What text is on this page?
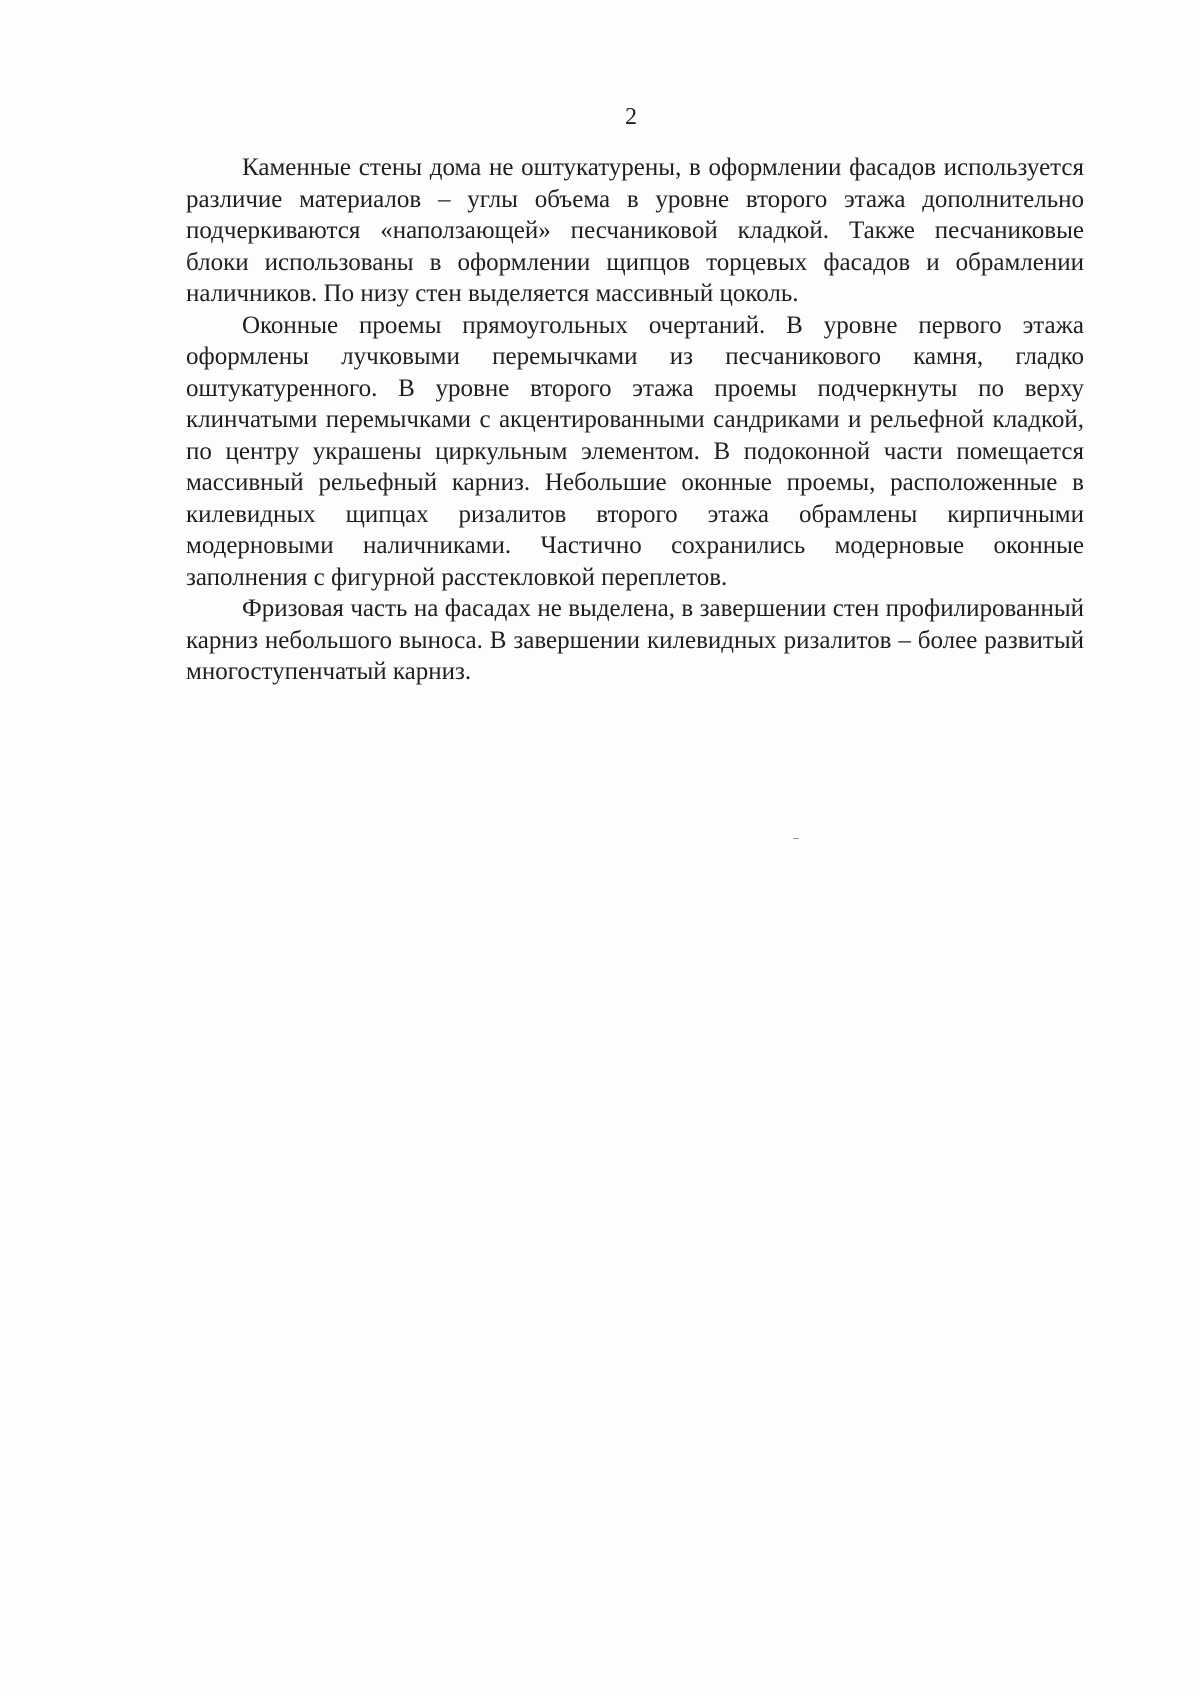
2

Каменные стены дома не оштукатурены, в оформлении фасадов используется различие материалов – углы объема в уровне второго этажа дополнительно подчеркиваются «наползающей» песчаниковой кладкой. Также песчаниковые блоки использованы в оформлении щипцов торцевых фасадов и обрамлении наличников. По низу стен выделяется массивный цоколь.

Оконные проемы прямоугольных очертаний. В уровне первого этажа оформлены лучковыми перемычками из песчаникового камня, гладко оштукатуренного. В уровне второго этажа проемы подчеркнуты по верху клинчатыми перемычками с акцентированными сандриками и рельефной кладкой, по центру украшены циркульным элементом. В подоконной части помещается массивный рельефный карниз. Небольшие оконные проемы, расположенные в килевидных щипцах ризалитов второго этажа обрамлены кирпичными модерновыми наличниками. Частично сохранились модерновые оконные заполнения с фигурной расстекловкой переплетов.

Фризовая часть на фасадах не выделена, в завершении стен профилированный карниз небольшого выноса. В завершении килевидных ризалитов – более развитый многоступенчатый карниз.
